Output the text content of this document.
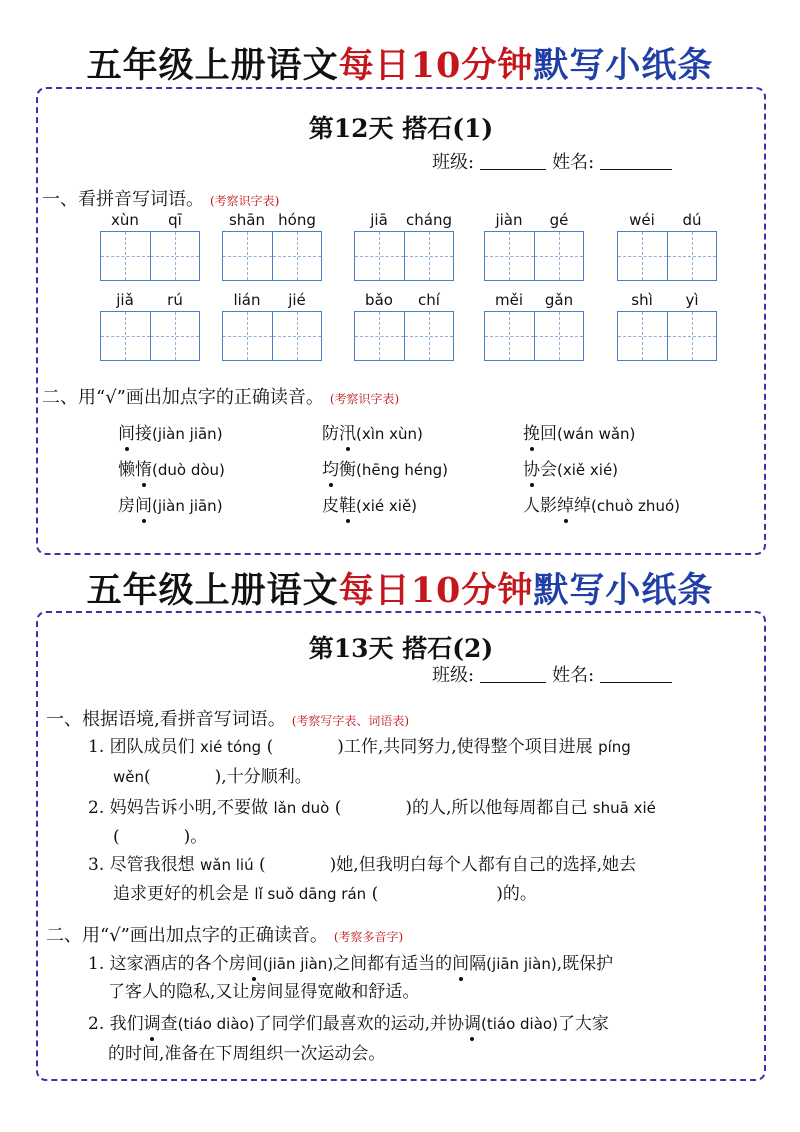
五年级上册语文每日10分钟默写小纸条
第12天 搭石(1)
班级:	姓名:
一、看拼音写词语。 (考察识字表)
xùn qī	shān hóng	jiā cháng	jiàn gé	wéi dú
jiǎ rú	lián jié	bǎo chí	měi gǎn	shì yì
二、用“√”画出加点字的正确读音。 (考察识字表)
间接(jiàn jiān)	防汛(xìn xùn)	挽回(wán wǎn)
懒惰(duò dòu)	均衡(hēng héng)	协会(xiě xié)
房间(jiàn jiān)	皮鞋(xié xiě)	人影绰绰(chuò zhuó)
五年级上册语文每日10分钟默写小纸条
第13天 搭石(2)
班级:	姓名:
一、根据语境,看拼音写词语。 (考察写字表、词语表)
1. 团队成员们 xié tóng (	)工作,共同努力,使得整个项目进展 píng
wěn(	),十分顺利。
2. 妈妈告诉小明,不要做 lǎn duò (	)的人,所以他每周都自己 shuā xié
(	)。
3. 尽管我很想 wǎn liú (	)她,但我明白每个人都有自己的选择,她去
追求更好的机会是 lǐ suǒ dāng rán (	)的。
二、用“√”画出加点字的正确读音。 (考察多音字)
1. 这家酒店的各个房间(jiān jiàn)之间都有适当的间隔(jiān jiàn),既保护
了客人的隐私,又让房间显得宽敞和舒适。
2. 我们调查(tiáo diào)了同学们最喜欢的运动,并协调(tiáo diào)了大家
的时间,准备在下周组织一次运动会。
